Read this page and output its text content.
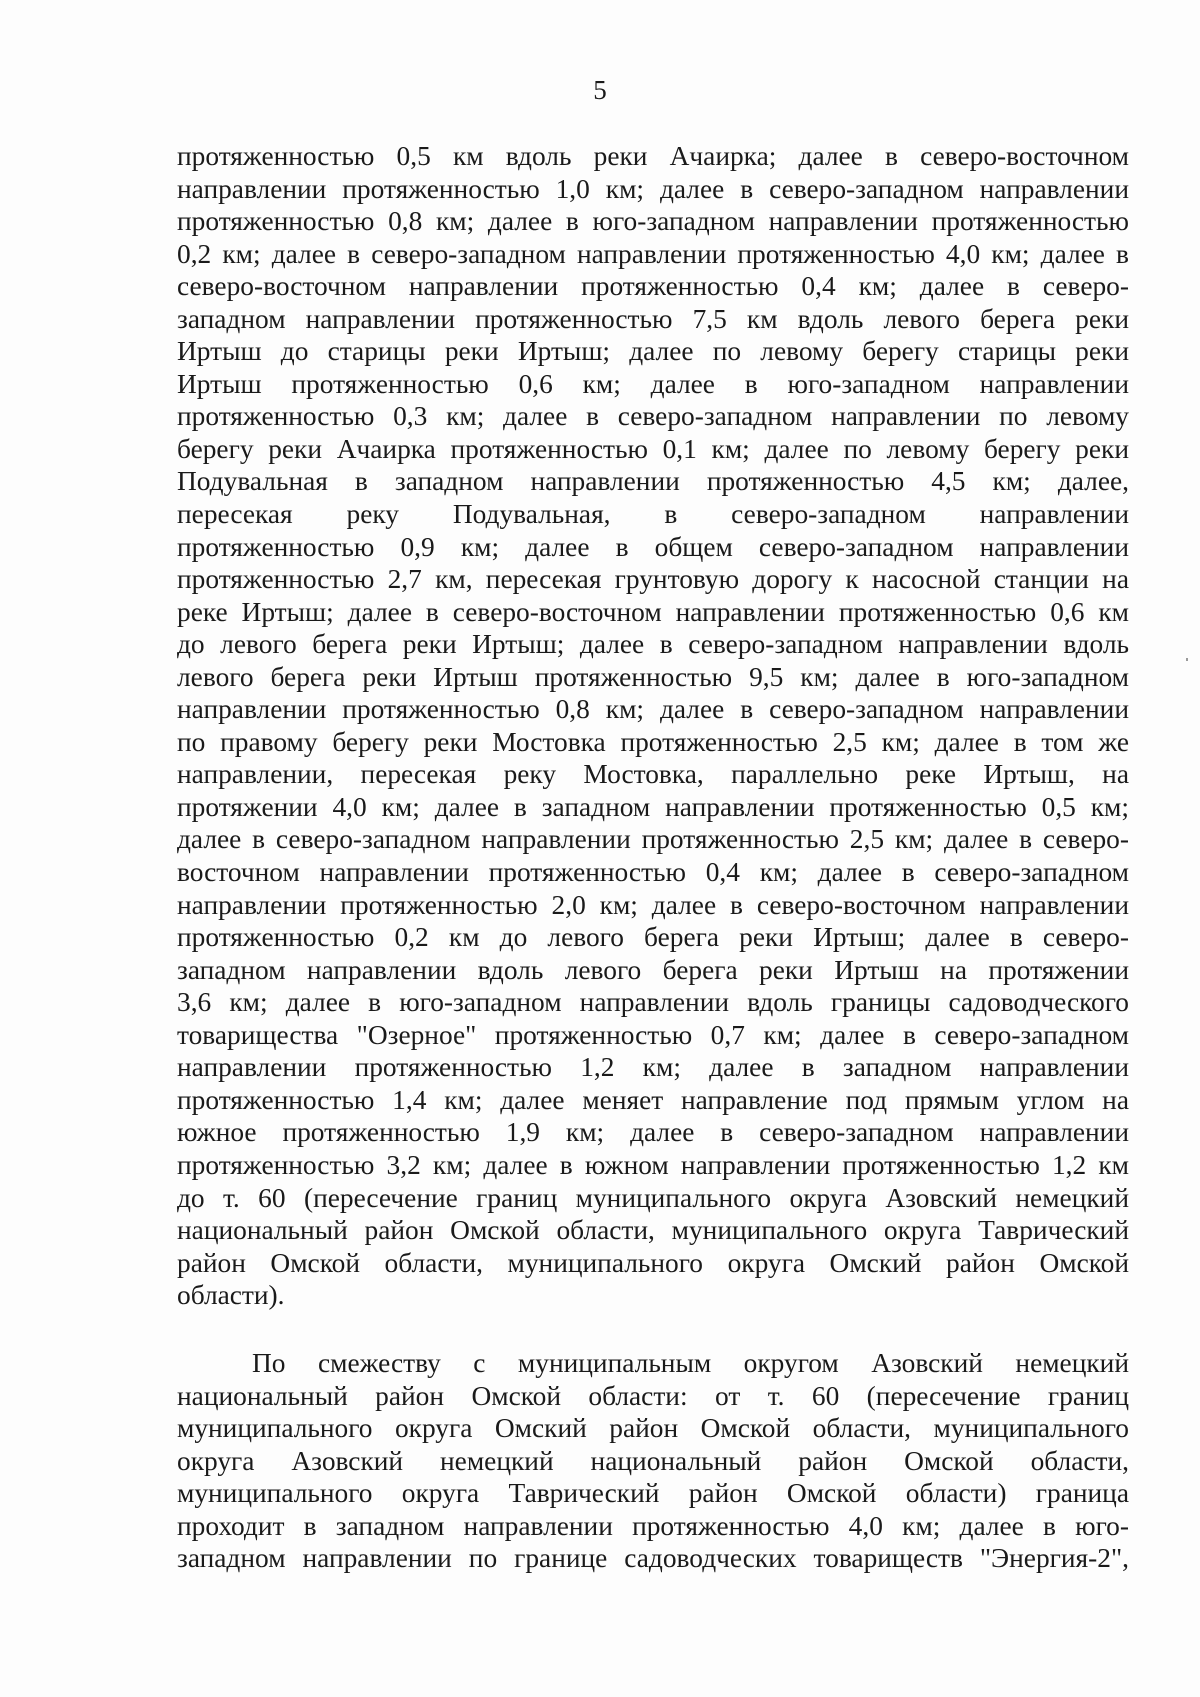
5
протяженностью 0,5 км вдоль реки Ачаирка; далее в северо-восточном
направлении протяженностью 1,0 км; далее в северо-западном направлении
протяженностью 0,8 км; далее в юго-западном направлении протяженностью
0,2 км; далее в северо-западном направлении протяженностью 4,0 км; далее в
северо-восточном направлении протяженностью 0,4 км; далее в северо-
западном направлении протяженностью 7,5 км вдоль левого берега реки
Иртыш до старицы реки Иртыш; далее по левому берегу старицы реки
Иртыш протяженностью 0,6 км; далее в юго-западном направлении
протяженностью 0,3 км; далее в северо-западном направлении по левому
берегу реки Ачаирка протяженностью 0,1 км; далее по левому берегу реки
Подувальная в западном направлении протяженностью 4,5 км; далее,
пересекая реку Подувальная, в северо-западном направлении
протяженностью 0,9 км; далее в общем северо-западном направлении
протяженностью 2,7 км, пересекая грунтовую дорогу к насосной станции на
реке Иртыш; далее в северо-восточном направлении протяженностью 0,6 км
до левого берега реки Иртыш; далее в северо-западном направлении вдоль
левого берега реки Иртыш протяженностью 9,5 км; далее в юго-западном
направлении протяженностью 0,8 км; далее в северо-западном направлении
по правому берегу реки Мостовка протяженностью 2,5 км; далее в том же
направлении, пересекая реку Мостовка, параллельно реке Иртыш, на
протяжении 4,0 км; далее в западном направлении протяженностью 0,5 км;
далее в северо-западном направлении протяженностью 2,5 км; далее в северо-
восточном направлении протяженностью 0,4 км; далее в северо-западном
направлении протяженностью 2,0 км; далее в северо-восточном направлении
протяженностью 0,2 км до левого берега реки Иртыш; далее в северо-
западном направлении вдоль левого берега реки Иртыш на протяжении
3,6 км; далее в юго-западном направлении вдоль границы садоводческого
товарищества "Озерное" протяженностью 0,7 км; далее в северо-западном
направлении протяженностью 1,2 км; далее в западном направлении
протяженностью 1,4 км; далее меняет направление под прямым углом на
южное протяженностью 1,9 км; далее в северо-западном направлении
протяженностью 3,2 км; далее в южном направлении протяженностью 1,2 км
до т. 60 (пересечение границ муниципального округа Азовский немецкий
национальный район Омской области, муниципального округа Таврический
район Омской области, муниципального округа Омский район Омской
области).
По смежеству с муниципальным округом Азовский немецкий
национальный район Омской области: от т. 60 (пересечение границ
муниципального округа Омский район Омской области, муниципального
округа Азовский немецкий национальный район Омской области,
муниципального округа Таврический район Омской области) граница
проходит в западном направлении протяженностью 4,0 км; далее в юго-
западном направлении по границе садоводческих товариществ "Энергия-2",
